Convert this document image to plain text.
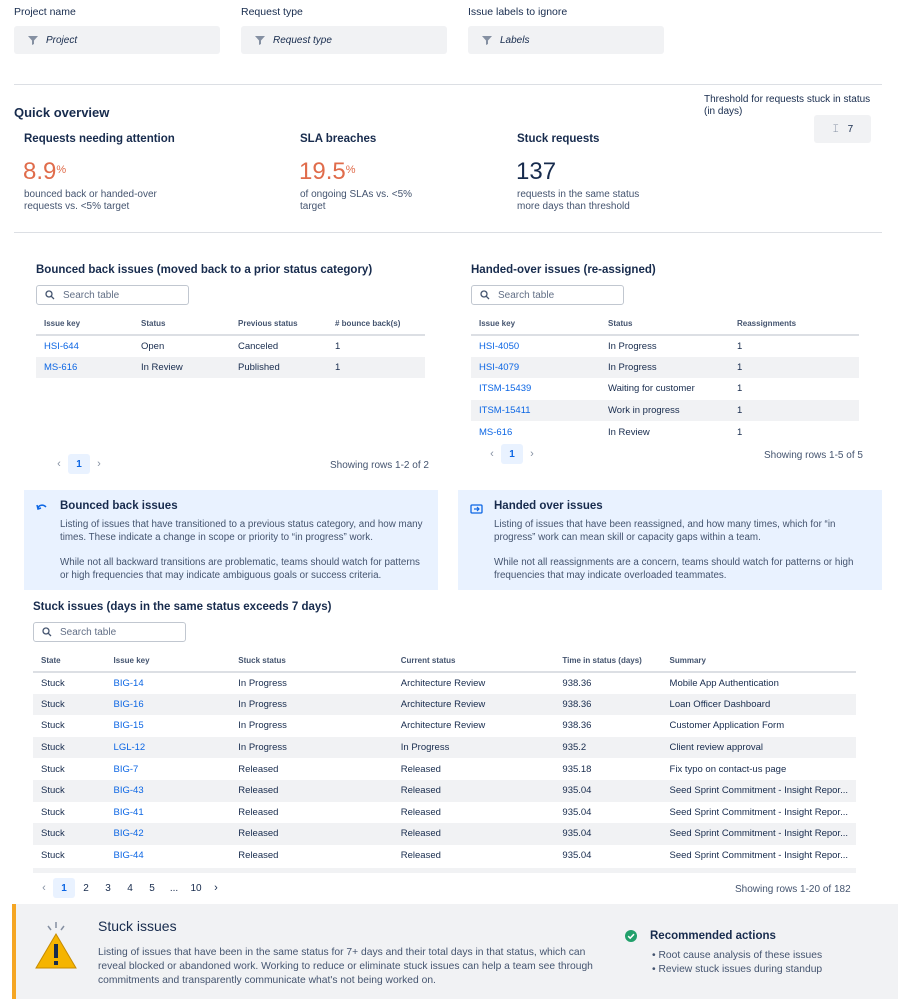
Project name
Project
Request type
Request type
Issue labels to ignore
Labels
Quick overview
Threshold for requests stuck in status (in days)
𝙸 7
Requests needing attention
8.9%
bounced back or handed-over requests vs. <5% target
SLA breaches
19.5%
of ongoing SLAs vs. <5% target
Stuck requests
137
requests in the same status more days than threshold
Bounced back issues (moved back to a prior status category)
Search table
Issue key	Status	Previous status	# bounce back(s)
HSI-644	Open	Canceled	1
MS-616	In Review	Published	1
‹	1	›	Showing rows 1-2 of 2
Handed-over issues (re-assigned)
Search table
Issue key	Status	Reassignments
HSI-4050	In Progress	1
HSI-4079	In Progress	1
ITSM-15439	Waiting for customer	1
ITSM-15411	Work in progress	1
MS-616	In Review	1
‹	1	›	Showing rows 1-5 of 5
Bounced back issues

Listing of issues that have transitioned to a previous status category, and how many times. These indicate a change in scope or priority to “in progress” work.

While not all backward transitions are problematic, teams should watch for patterns or high frequencies that may indicate ambiguous goals or success criteria.

Handed over issues

Listing of issues that have been reassigned, and how many times, which for “in progress” work can mean skill or capacity gaps within a team.

While not all reassignments are a concern, teams should watch for patterns or high frequencies that may indicate overloaded teammates.

Stuck issues (days in the same status exceeds 7 days)
Search table
State	Issue key	Stuck status	Current status	Time in status (days)	Summary
Stuck	BIG-14	In Progress	Architecture Review	938.36	Mobile App Authentication
Stuck	BIG-16	In Progress	Architecture Review	938.36	Loan Officer Dashboard
Stuck	BIG-15	In Progress	Architecture Review	938.36	Customer Application Form
Stuck	LGL-12	In Progress	In Progress	935.2	Client review approval
Stuck	BIG-7	Released	Released	935.18	Fix typo on contact-us page
Stuck	BIG-43	Released	Released	935.04	Seed Sprint Commitment - Insight Repor...
Stuck	BIG-41	Released	Released	935.04	Seed Sprint Commitment - Insight Repor...
Stuck	BIG-42	Released	Released	935.04	Seed Sprint Commitment - Insight Repor...
Stuck	BIG-44	Released	Released	935.04	Seed Sprint Commitment - Insight Repor...
‹	1	2	3	4	5	...	10	›	Showing rows 1-20 of 182
Stuck issues
Listing of issues that have been in the same status for 7+ days and their total days in that status, which can reveal blocked or abandoned work. Working to reduce or eliminate stuck issues can help a team see through commitments and transparently communicate what's not being worked on.
Recommended actions
• Root cause analysis of these issues
• Review stuck issues during standup
